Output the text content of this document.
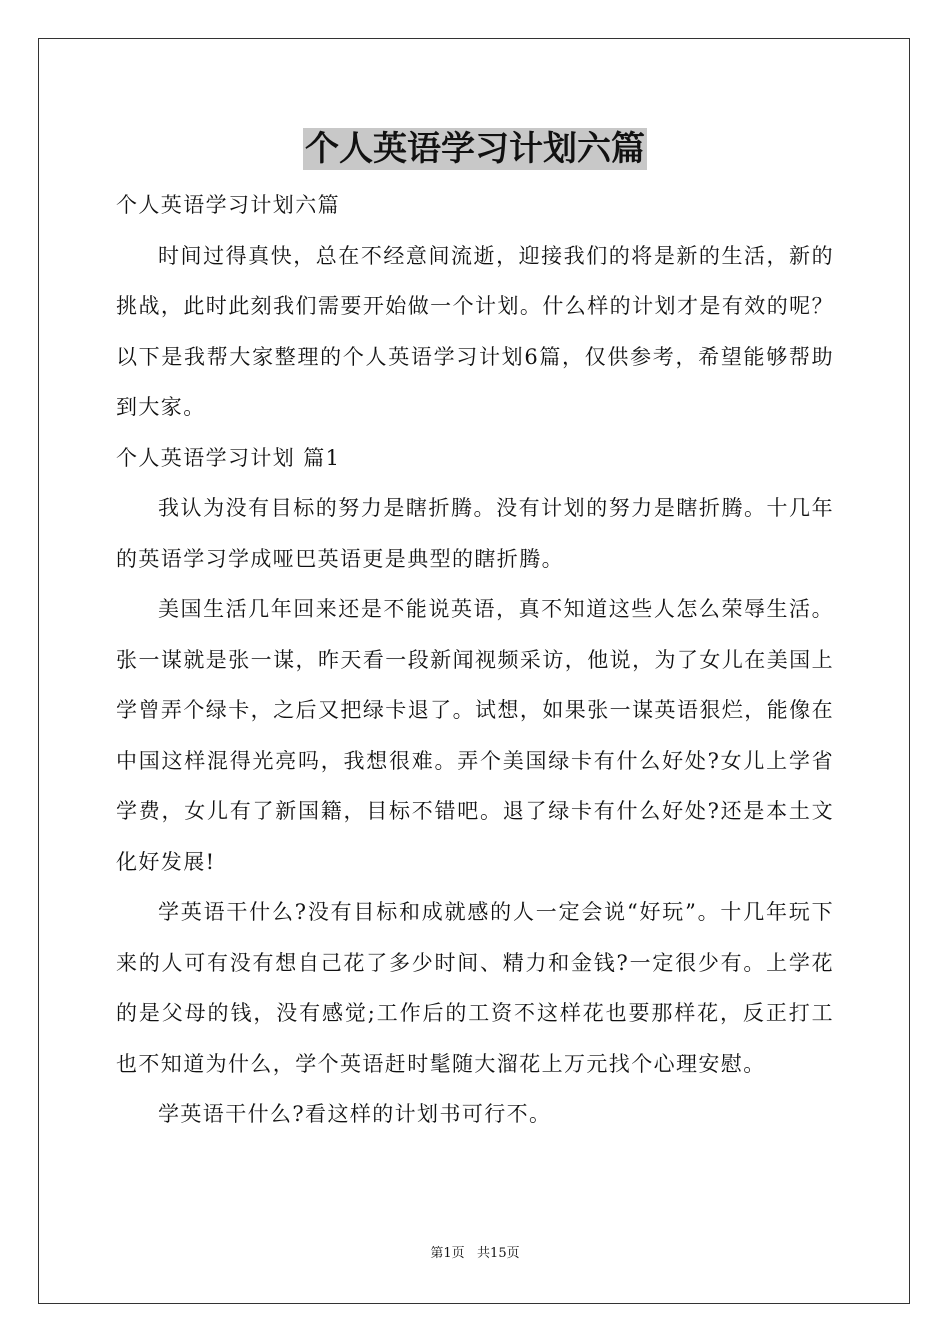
个人英语学习计划六篇

个人英语学习计划六篇

时间过得真快，总在不经意间流逝，迎接我们的将是新的生活，新的挑战，此时此刻我们需要开始做一个计划。什么样的计划才是有效的呢？以下是我帮大家整理的个人英语学习计划6篇，仅供参考，希望能够帮助到大家。

个人英语学习计划 篇1

我认为没有目标的努力是瞎折腾。没有计划的努力是瞎折腾。十几年的英语学习学成哑巴英语更是典型的瞎折腾。

美国生活几年回来还是不能说英语，真不知道这些人怎么荣辱生活。张一谋就是张一谋，昨天看一段新闻视频采访，他说，为了女儿在美国上学曾弄个绿卡，之后又把绿卡退了。试想，如果张一谋英语狠烂，能像在中国这样混得光亮吗，我想很难。弄个美国绿卡有什么好处?女儿上学省学费，女儿有了新国籍，目标不错吧。退了绿卡有什么好处?还是本土文化好发展!

学英语干什么?没有目标和成就感的人一定会说“好玩”。十几年玩下来的人可有没有想自己花了多少时间、精力和金钱?一定很少有。上学花的是父母的钱，没有感觉;工作后的工资不这样花也要那样花，反正打工也不知道为什么，学个英语赶时髦随大溜花上万元找个心理安慰。

学英语干什么?看这样的计划书可行不。

第1页   共15页
